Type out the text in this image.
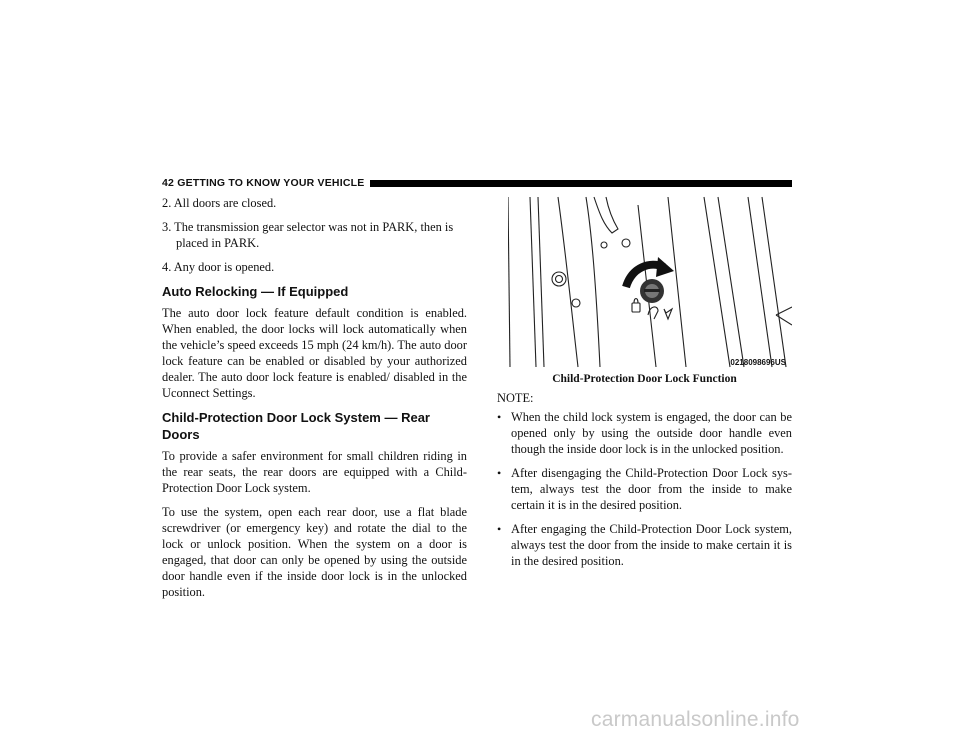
42 GETTING TO KNOW YOUR VEHICLE

2. All doors are closed.

3. The transmission gear selector was not in PARK, then is placed in PARK.

4. Any door is opened.

Auto Relocking — If Equipped

The auto door lock feature default condition is enabled. When enabled, the door locks will lock automatically when the vehicle’s speed exceeds 15 mph (24 km/h). The auto door lock feature can be enabled or disabled by your authorized dealer. The auto door lock feature is enabled/ disabled in the Uconnect Settings.

Child-Protection Door Lock System — Rear Doors

To provide a safer environment for small children riding in the rear seats, the rear doors are equipped with a Child-Protection Door Lock system.

To use the system, open each rear door, use a flat blade screwdriver (or emergency key) and rotate the dial to the lock or unlock position. When the system on a door is engaged, that door can only be opened by using the outside door handle even if the inside door lock is in the unlocked position.

0218098696US

Child-Protection Door Lock Function

NOTE:

• When the child lock system is engaged, the door can be opened only by using the outside door handle even though the inside door lock is in the unlocked position.
• After disengaging the Child-Protection Door Lock sys- tem, always test the door from the inside to make certain it is in the desired position.
• After engaging the Child-Protection Door Lock system, always test the door from the inside to make certain it is in the desired position.
carmanualsonline.info
